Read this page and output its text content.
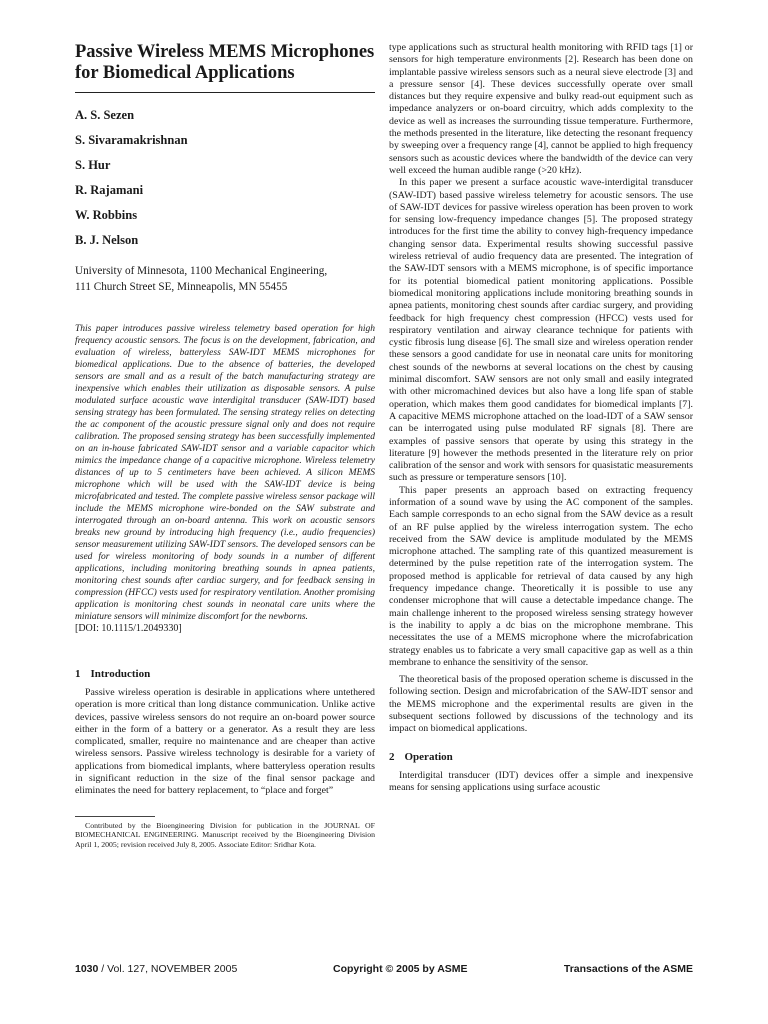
Passive Wireless MEMS Microphones for Biomedical Applications
A. S. Sezen
S. Sivaramakrishnan
S. Hur
R. Rajamani
W. Robbins
B. J. Nelson
University of Minnesota, 1100 Mechanical Engineering,
111 Church Street SE, Minneapolis, MN 55455
This paper introduces passive wireless telemetry based operation for high frequency acoustic sensors. The focus is on the development, fabrication, and evaluation of wireless, batteryless SAW-IDT MEMS microphones for biomedical applications. Due to the absence of batteries, the developed sensors are small and as a result of the batch manufacturing strategy are inexpensive which enables their utilization as disposable sensors. A pulse modulated surface acoustic wave interdigital transducer (SAW-IDT) based sensing strategy has been formulated. The sensing strategy relies on detecting the ac component of the acoustic pressure signal only and does not require calibration. The proposed sensing strategy has been successfully implemented on an in-house fabricated SAW-IDT sensor and a variable capacitor which mimics the impedance change of a capacitive microphone. Wireless telemetry distances of up to 5 centimeters have been achieved. A silicon MEMS microphone which will be used with the SAW-IDT device is being microfabricated and tested. The complete passive wireless sensor package will include the MEMS microphone wire-bonded on the SAW substrate and interrogated through an on-board antenna. This work on acoustic sensors breaks new ground by introducing high frequency (i.e., audio frequencies) sensor measurement utilizing SAW-IDT sensors. The developed sensors can be used for wireless monitoring of body sounds in a number of different applications, including monitoring breathing sounds in apnea patients, monitoring chest sounds after cardiac surgery, and for feedback sensing in compression (HFCC) vests used for respiratory ventilation. Another promising application is monitoring chest sounds in neonatal care units where the miniature sensors will minimize discomfort for the newborns.
[DOI: 10.1115/1.2049330]
1 Introduction

Passive wireless operation is desirable in applications where untethered operation is more critical than long distance communication. Unlike active devices, passive wireless sensors do not require an on-board power source either in the form of a battery or a generator. As a result they are less complicated, smaller, require no maintenance and are cheaper than active wireless sensors. Passive wireless technology is desirable for a variety of applications from biomedical implants, where batteryless operation results in significant reduction in the size of the final sensor package and eliminates the need for battery replacement, to “place and forget”

Contributed by the Bioengineering Division for publication in the JOURNAL OF BIOMECHANICAL ENGINEERING. Manuscript received by the Bioengineering Division April 1, 2005; revision received July 8, 2005. Associate Editor: Sridhar Kota.

type applications such as structural health monitoring with RFID tags [1] or sensors for high temperature environments [2]. Research has been done on implantable passive wireless sensors such as a neural sieve electrode [3] and a pressure sensor [4]. These devices successfully operate over small distances but they require expensive and bulky read-out equipment such as impedance analyzers or on-board circuitry, which adds complexity to the device as well as increases the surrounding tissue temperature. Furthermore, the methods presented in the literature, like detecting the resonant frequency by sweeping over a frequency range [4], cannot be applied to high frequency sensors such as acoustic devices where the bandwidth of the device can very well exceed the human audible range (>20 kHz).

In this paper we present a surface acoustic wave-interdigital transducer (SAW-IDT) based passive wireless telemetry for acoustic sensors. The use of SAW-IDT devices for passive wireless operation has been proven to work for sensing low-frequency impedance changes [5]. The proposed strategy introduces for the first time the ability to convey high-frequency impedance changing sensor data. Experimental results showing successful passive wireless retrieval of audio frequency data are presented. The integration of the SAW-IDT sensors with a MEMS microphone, is of specific importance for its potential biomedical patient monitoring applications. Possible biomedical monitoring applications include monitoring breathing sounds in apnea patients, monitoring chest sounds after cardiac surgery, and providing feedback for high frequency chest compression (HFCC) vests used for respiratory ventilation and airway clearance technique for patients with cystic fibrosis lung disease [6]. The small size and wireless operation render these sensors a good candidate for use in neonatal care units for monitoring chest sounds of the newborns at several locations on the chest by causing minimal discomfort. SAW sensors are not only small and easily integrated with other micromachined devices but also have a long life span of stable operation, which makes them good candidates for biomedical implants [7]. A capacitive MEMS microphone attached on the load-IDT of a SAW sensor can be interrogated using pulse modulated RF signals [8]. There are examples of passive sensors that operate by using this strategy in the literature [9] however the methods presented in the literature rely on prior calibration of the sensor and work with sensors for quasistatic measurements such as pressure or temperature sensors [10].

This paper presents an approach based on extracting frequency information of a sound wave by using the AC component of the samples. Each sample corresponds to an echo signal from the SAW device as a result of an RF pulse applied by the wireless interrogation system. The echo received from the SAW device is amplitude modulated by the MEMS microphone attached. The sampling rate of this quantized measurement is determined by the pulse repetition rate of the interrogation system. The proposed method is applicable for retrieval of data caused by any high frequency impedance change. Theoretically it is possible to use any condenser microphone that will cause a detectable impedance change. The main challenge inherent to the proposed wireless sensing strategy however is the inability to apply a dc bias on the microphone membrane. This necessitates the use of a MEMS microphone where the microfabrication strategy enables us to fabricate a very small capacitive gap as well as a thin membrane to enhance the sensitivity of the sensor.

The theoretical basis of the proposed operation scheme is discussed in the following section. Design and microfabrication of the SAW-IDT sensor and the MEMS microphone and the experimental results are given in the subsequent sections followed by discussions of the technology and its impact on biomedical applications.

2 Operation

Interdigital transducer (IDT) devices offer a simple and inexpensive means for sensing applications using surface acoustic

1030 / Vol. 127, NOVEMBER 2005	Copyright © 2005 by ASME	Transactions of the ASME
